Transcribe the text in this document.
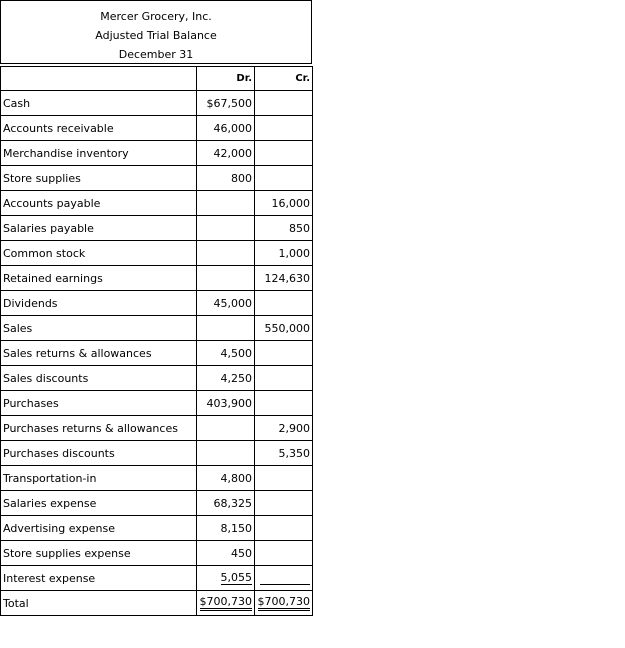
Mercer Grocery, Inc.
Adjusted Trial Balance
December 31
	Dr.	Cr.
Cash	$67,500	
Accounts receivable	46,000	
Merchandise inventory	42,000	
Store supplies	800	
Accounts payable		16,000
Salaries payable		850
Common stock		1,000
Retained earnings		124,630
Dividends	45,000	
Sales		550,000
Sales returns & allowances	4,500	
Sales discounts	4,250	
Purchases	403,900	
Purchases returns & allowances		2,900
Purchases discounts		5,350
Transportation-in	4,800	
Salaries expense	68,325	
Advertising expense	8,150	
Store supplies expense	450	
Interest expense	5,055	
Total	$700,730	$700,730
